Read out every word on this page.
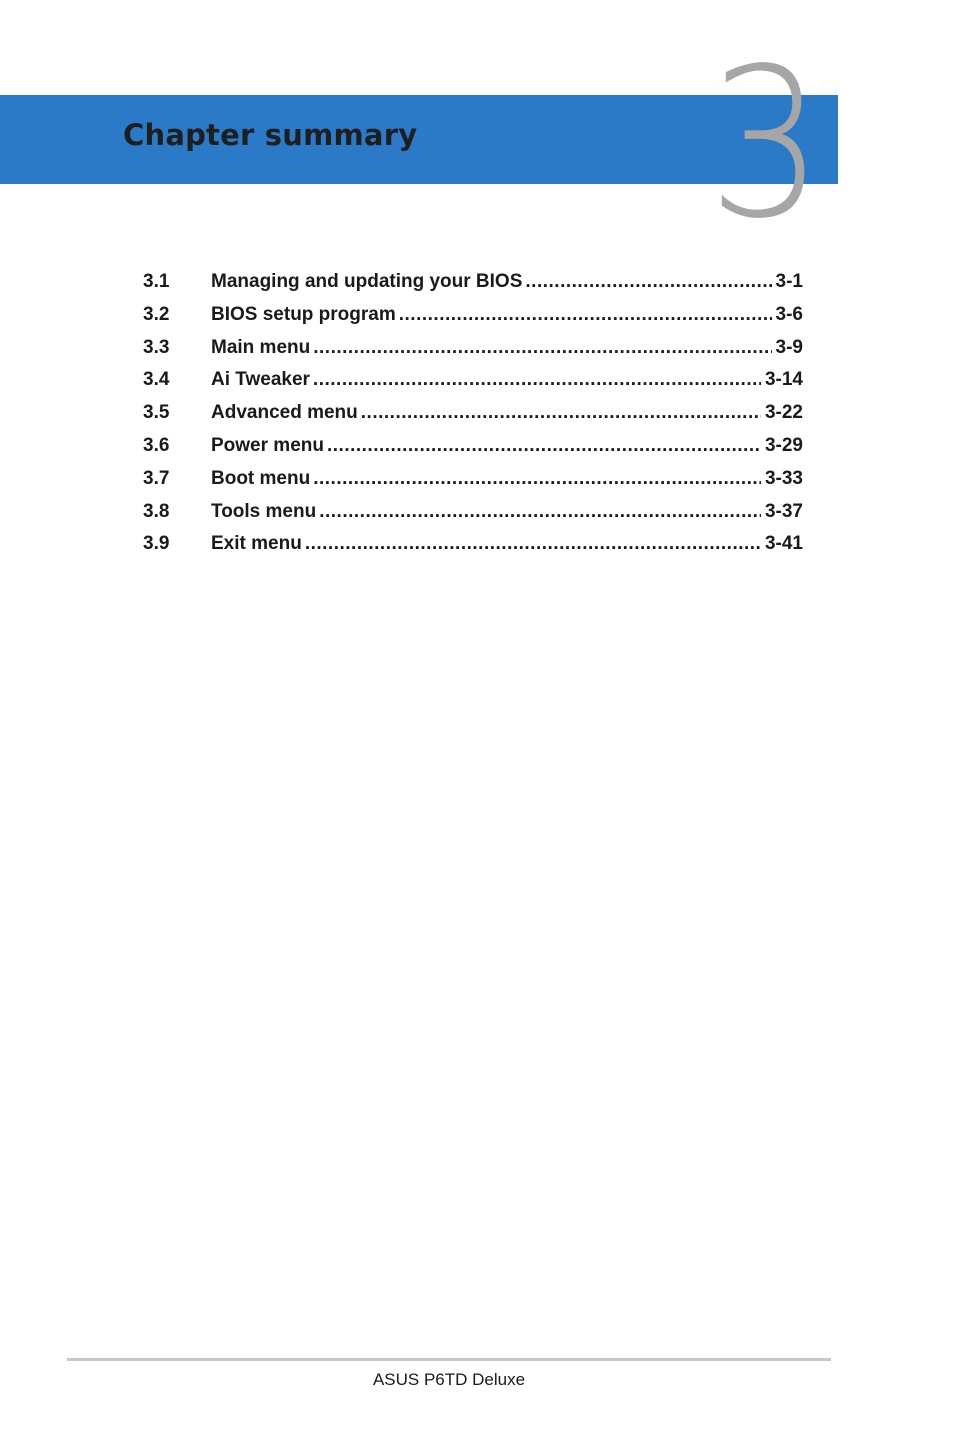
3
Chapter summary
3.1	Managing and updating your BIOS .....	3-1
3.2	BIOS setup program .....	3-6
3.3	Main menu .....	3-9
3.4	Ai Tweaker .....	3-14
3.5	Advanced menu .....	3-22
3.6	Power menu .....	3-29
3.7	Boot menu .....	3-33
3.8	Tools menu .....	3-37
3.9	Exit menu .....	3-41
ASUS P6TD Deluxe
